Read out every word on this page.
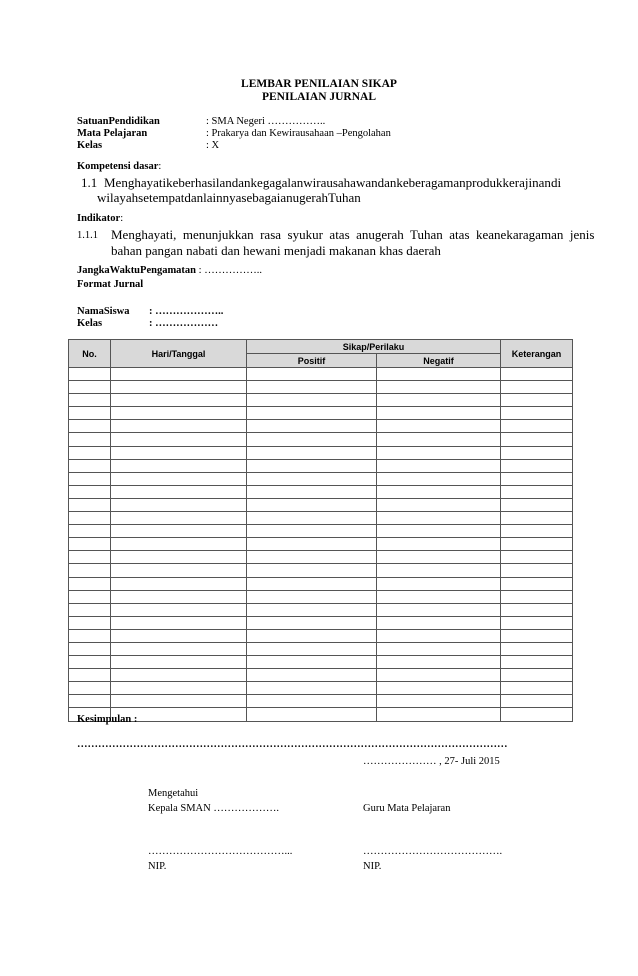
LEMBAR PENILAIAN SIKAP
PENILAIAN JURNAL
SatuanPendidikan	: SMA Negeri ……………..
Mata Pelajaran	: Prakarya dan Kewirausahaan –Pengolahan
Kelas	: X
Kompetensi dasar:
1.1 Menghayatikeberhasilandankegagalanwirausahawandankeberagamanprodukkerajinan di
wilayahsetempatdanlainnyasebagaianugerahTuhan
Indikator:
1.1.1 Menghayati,  menunjukkan  rasa  syukur  atas  anugerah  Tuhan  atas  keanekaragaman  jenis
bahan pangan nabati dan hewani menjadi makanan khas daerah
JangkaWaktuPengamatan : ……………..
Format Jurnal
NamaSiswa : ………………..
Kelas	: ………………
No.	Hari/Tanggal	Sikap/Perilaku		Keterangan
		Positif	Negatif	

Kesimpulan :
……………………………………………………………………………………………………………
………………… , 27- Juli 2015
Mengetahui
Kepala SMAN ……………….	Guru Mata Pelajaran
…………………………………...	………………………………….
NIP.	NIP.
